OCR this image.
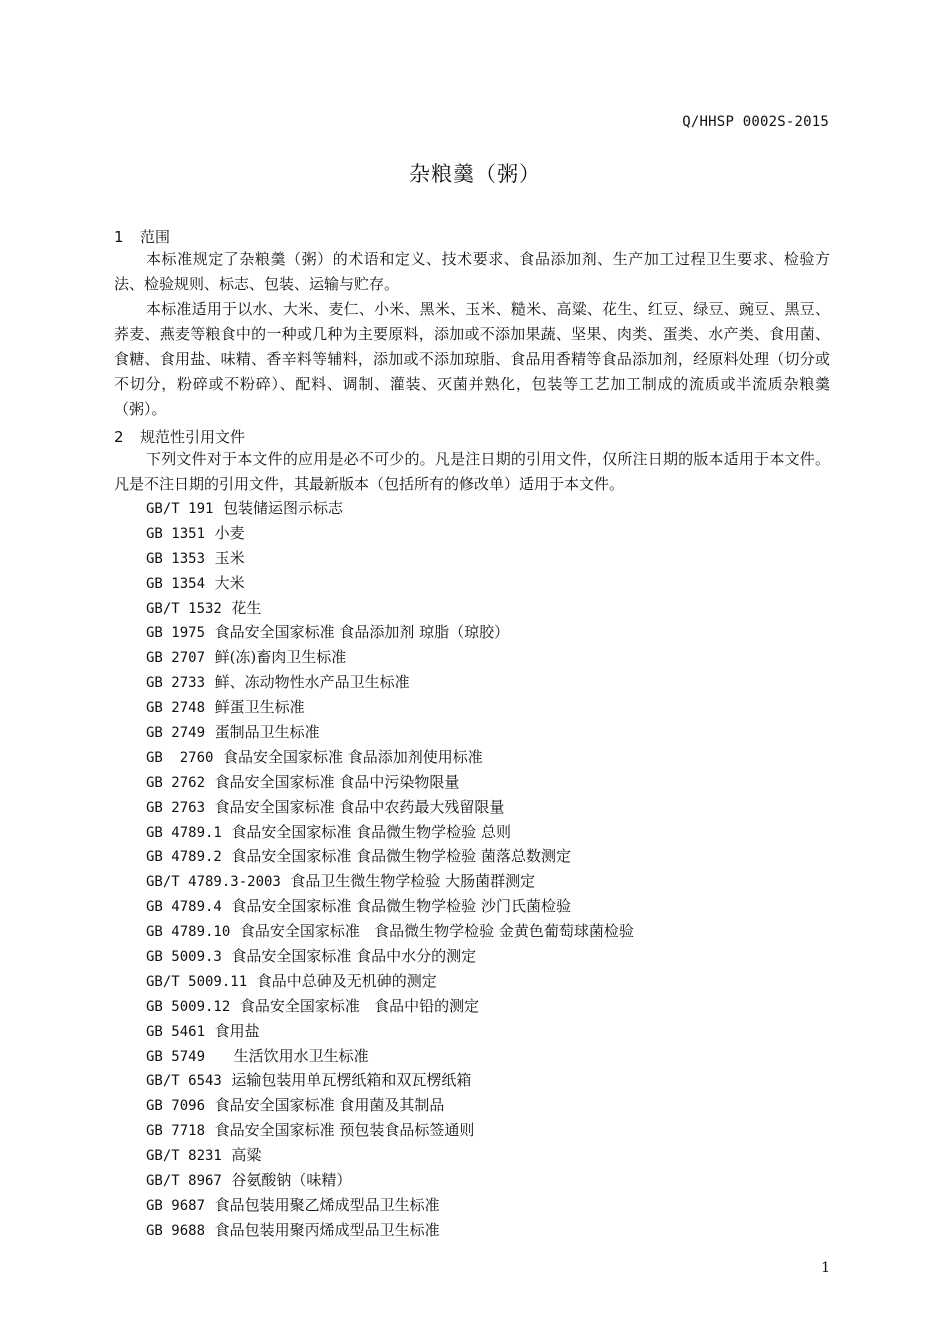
Q/HHSP 0002S-2015
杂粮羹（粥）
1 范围
本标准规定了杂粮羹（粥）的术语和定义、技术要求、食品添加剂、生产加工过程卫生要求、检验方法、检验规则、标志、包装、运输与贮存。
本标准适用于以水、大米、麦仁、小米、黑米、玉米、糙米、高粱、花生、红豆、绿豆、豌豆、黑豆、荞麦、燕麦等粮食中的一种或几种为主要原料，添加或不添加果蔬、坚果、肉类、蛋类、水产类、食用菌、食糖、食用盐、味精、香辛料等辅料，添加或不添加琼脂、食品用香精等食品添加剂，经原料处理（切分或不切分，粉碎或不粉碎）、配料、调制、灌装、灭菌并熟化，包装等工艺加工制成的流质或半流质杂粮羹（粥）。
2 规范性引用文件
下列文件对于本文件的应用是必不可少的。凡是注日期的引用文件，仅所注日期的版本适用于本文件。凡是不注日期的引用文件，其最新版本（包括所有的修改单）适用于本文件。
GB/T 191 包装储运图示标志
GB 1351 小麦
GB 1353 玉米
GB 1354 大米
GB/T 1532 花生
GB 1975 食品安全国家标准 食品添加剂 琼脂（琼胶）
GB 2707 鲜(冻)畜肉卫生标准
GB 2733 鲜、冻动物性水产品卫生标准
GB 2748 鲜蛋卫生标准
GB 2749 蛋制品卫生标准
GB  2760 食品安全国家标准 食品添加剂使用标准
GB 2762 食品安全国家标准 食品中污染物限量
GB 2763 食品安全国家标准 食品中农药最大残留限量
GB 4789.1 食品安全国家标准 食品微生物学检验 总则
GB 4789.2 食品安全国家标准 食品微生物学检验 菌落总数测定
GB/T 4789.3-2003 食品卫生微生物学检验 大肠菌群测定
GB 4789.4 食品安全国家标准 食品微生物学检验 沙门氏菌检验
GB 4789.10 食品安全国家标准   食品微生物学检验 金黄色葡萄球菌检验
GB 5009.3 食品安全国家标准 食品中水分的测定
GB/T 5009.11 食品中总砷及无机砷的测定
GB 5009.12 食品安全国家标准   食品中铅的测定
GB 5461 食用盐
GB 5749 生活饮用水卫生标准
GB/T 6543 运输包装用单瓦楞纸箱和双瓦楞纸箱
GB 7096 食品安全国家标准 食用菌及其制品
GB 7718 食品安全国家标准 预包装食品标签通则
GB/T 8231 高粱
GB/T 8967 谷氨酸钠（味精）
GB 9687 食品包装用聚乙烯成型品卫生标准
GB 9688 食品包装用聚丙烯成型品卫生标准
1
